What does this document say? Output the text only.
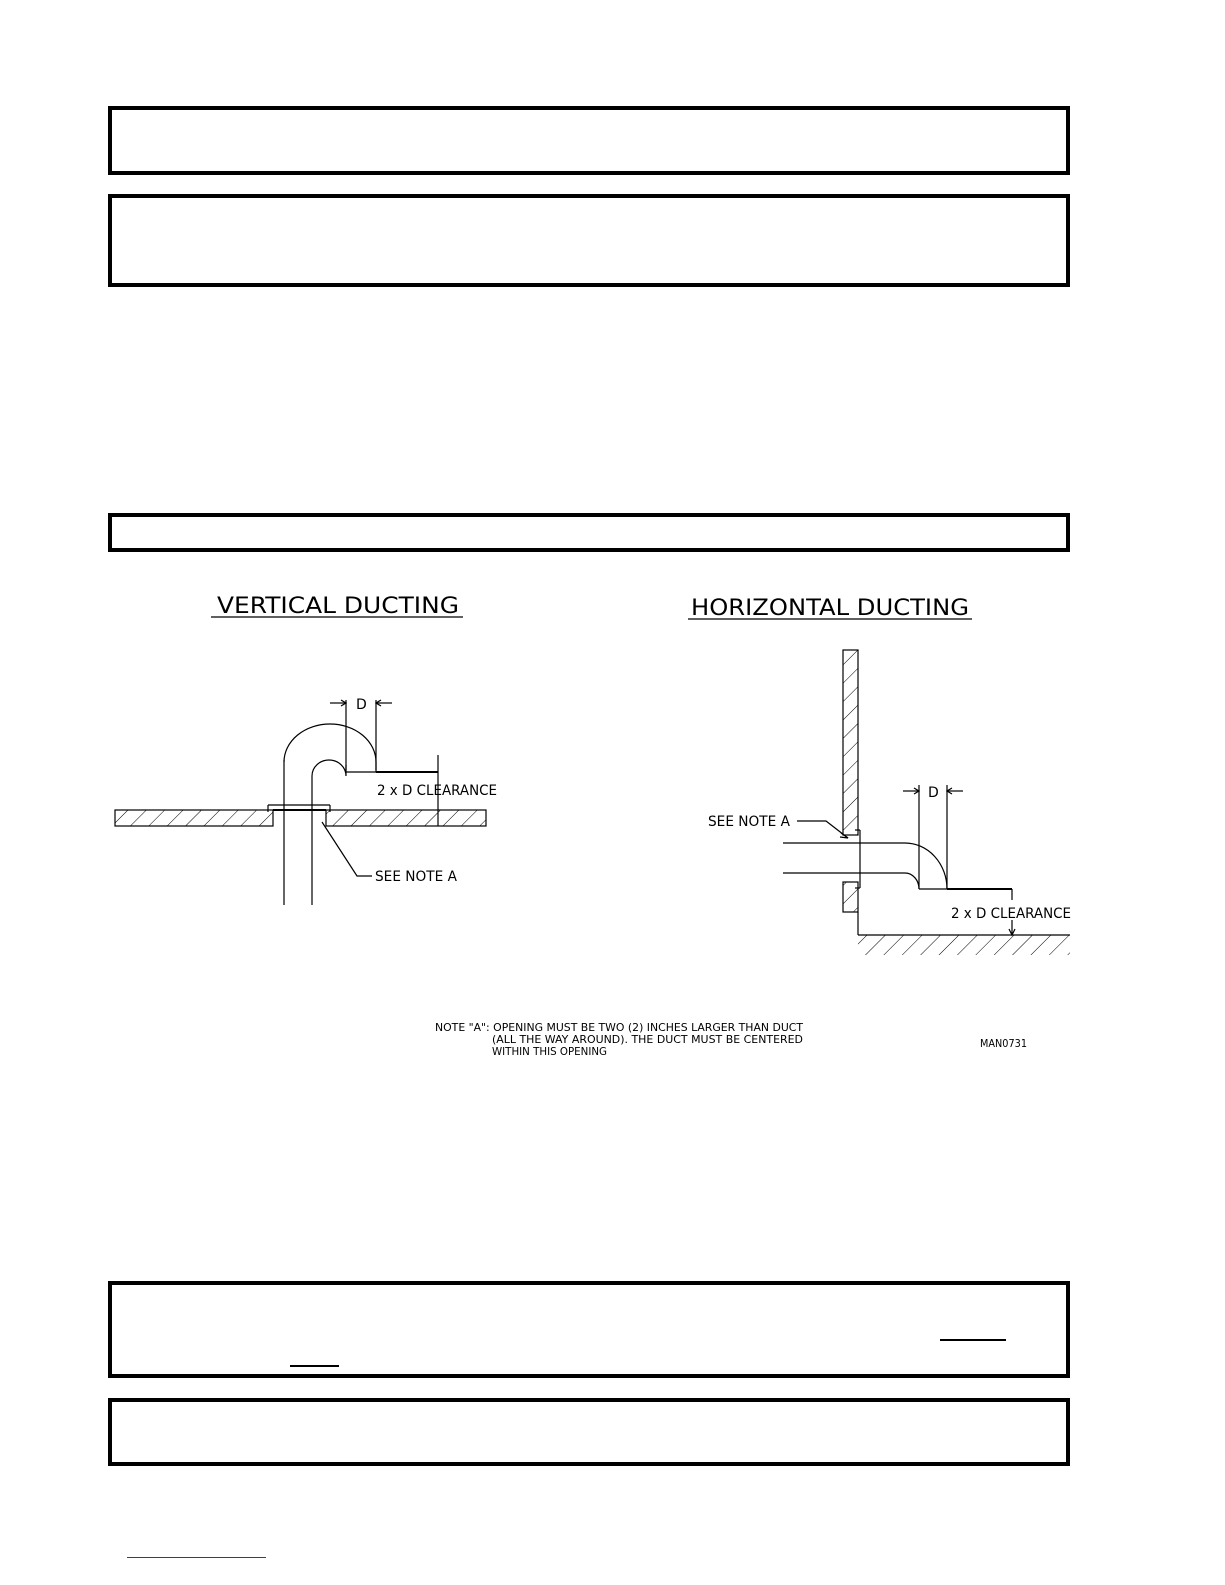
VERTICAL DUCTING
D
2 x D CLEARANCE
SEE NOTE A
HORIZONTAL DUCTING
D
2 x D CLEARANCE
SEE NOTE A
NOTE "A": OPENING MUST BE TWO (2) INCHES LARGER THAN DUCT
(ALL THE WAY AROUND). THE DUCT MUST BE CENTERED
WITHIN THIS OPENING
MAN0731
